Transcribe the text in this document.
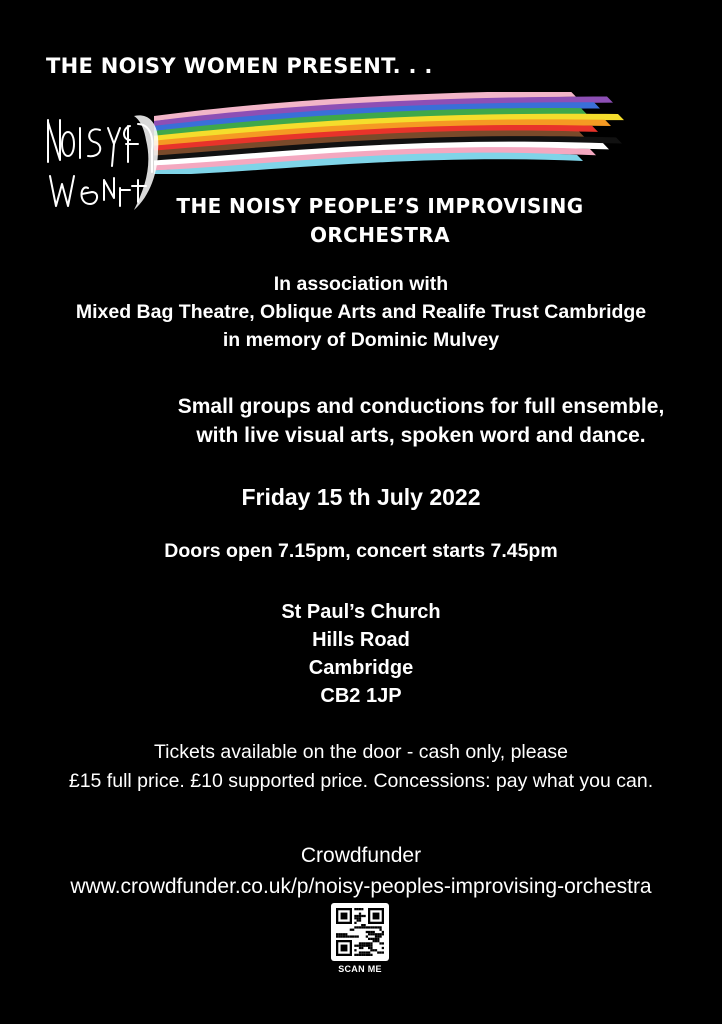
THE NOISY WOMEN PRESENT. . .
THE NOISY PEOPLE’S IMPROVISING
ORCHESTRA
In association with
Mixed Bag Theatre, Oblique Arts and Realife Trust Cambridge
in memory of Dominic Mulvey
Small groups and conductions for full ensemble,
with live visual arts, spoken word and dance.
Friday 15 th July 2022
Doors open 7.15pm, concert starts 7.45pm
St Paul’s Church
Hills Road
Cambridge
CB2 1JP
Tickets available on the door - cash only, please
£15 full price. £10 supported price. Concessions: pay what you can.
Crowdfunder
www.crowdfunder.co.uk/p/noisy-peoples-improvising-orchestra
SCAN ME
